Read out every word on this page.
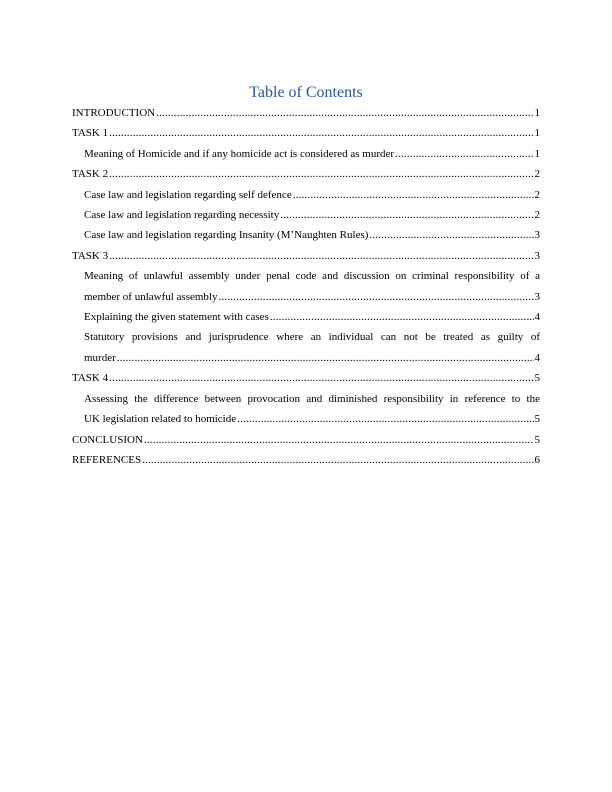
Table of Contents
INTRODUCTION .....	1
TASK 1 .....	1
Meaning of Homicide and if any homicide act is considered as murder .....	1
TASK 2 .....	2
Case law and legislation regarding self defence .....	2
Case law and legislation regarding necessity .....	2
Case law and legislation regarding Insanity (M’Naughten Rules) .....	3
TASK 3 .....	3
Meaning of unlawful assembly under penal code and discussion on criminal responsibility of a
member of unlawful assembly .....	3
Explaining the given statement with cases .....	4
Statutory provisions and jurisprudence where an individual can not be treated as guilty of
murder .....	4
TASK 4 .....	5
Assessing the difference between provocation and diminished responsibility in reference to the
UK legislation related to homicide .....	5
CONCLUSION .....	5
REFERENCES .....	6
